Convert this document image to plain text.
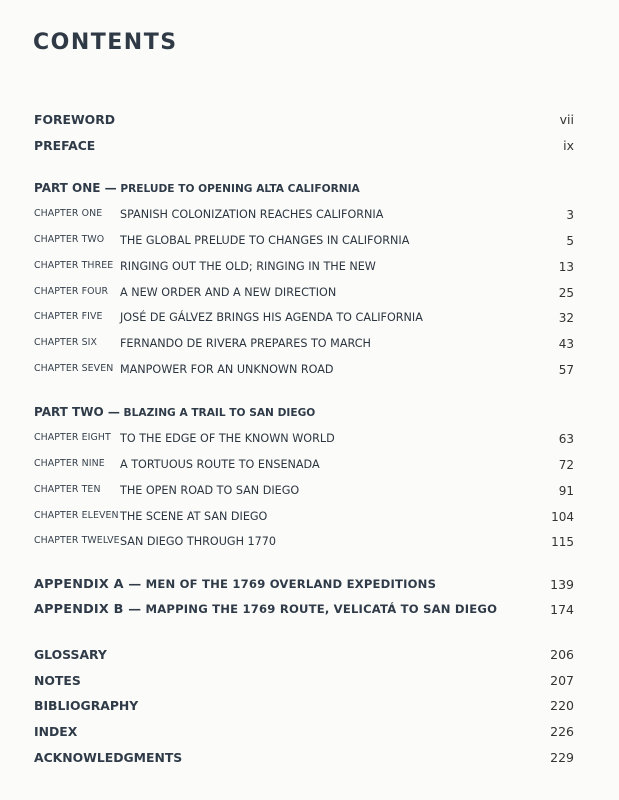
CONTENTS
FOREWORD	vii
PREFACE	ix
PART ONE — PRELUDE TO OPENING ALTA CALIFORNIA
CHAPTER ONE SPANISH COLONIZATION REACHES CALIFORNIA	3
CHAPTER TWO THE GLOBAL PRELUDE TO CHANGES IN CALIFORNIA	5
CHAPTER THREE RINGING OUT THE OLD; RINGING IN THE NEW	13
CHAPTER FOUR A NEW ORDER AND A NEW DIRECTION	25
CHAPTER FIVE JOSÉ DE GÁLVEZ BRINGS HIS AGENDA TO CALIFORNIA	32
CHAPTER SIX FERNANDO DE RIVERA PREPARES TO MARCH	43
CHAPTER SEVEN MANPOWER FOR AN UNKNOWN ROAD	57
PART TWO — BLAZING A TRAIL TO SAN DIEGO
CHAPTER EIGHT TO THE EDGE OF THE KNOWN WORLD	63
CHAPTER NINE A TORTUOUS ROUTE TO ENSENADA	72
CHAPTER TEN THE OPEN ROAD TO SAN DIEGO	91
CHAPTER ELEVEN THE SCENE AT SAN DIEGO	104
CHAPTER TWELVE SAN DIEGO THROUGH 1770	115
APPENDIX A — MEN OF THE 1769 OVERLAND EXPEDITIONS	139
APPENDIX B — MAPPING THE 1769 ROUTE, VELICATÁ TO SAN DIEGO	174
GLOSSARY	206
NOTES	207
BIBLIOGRAPHY	220
INDEX	226
ACKNOWLEDGMENTS	229
